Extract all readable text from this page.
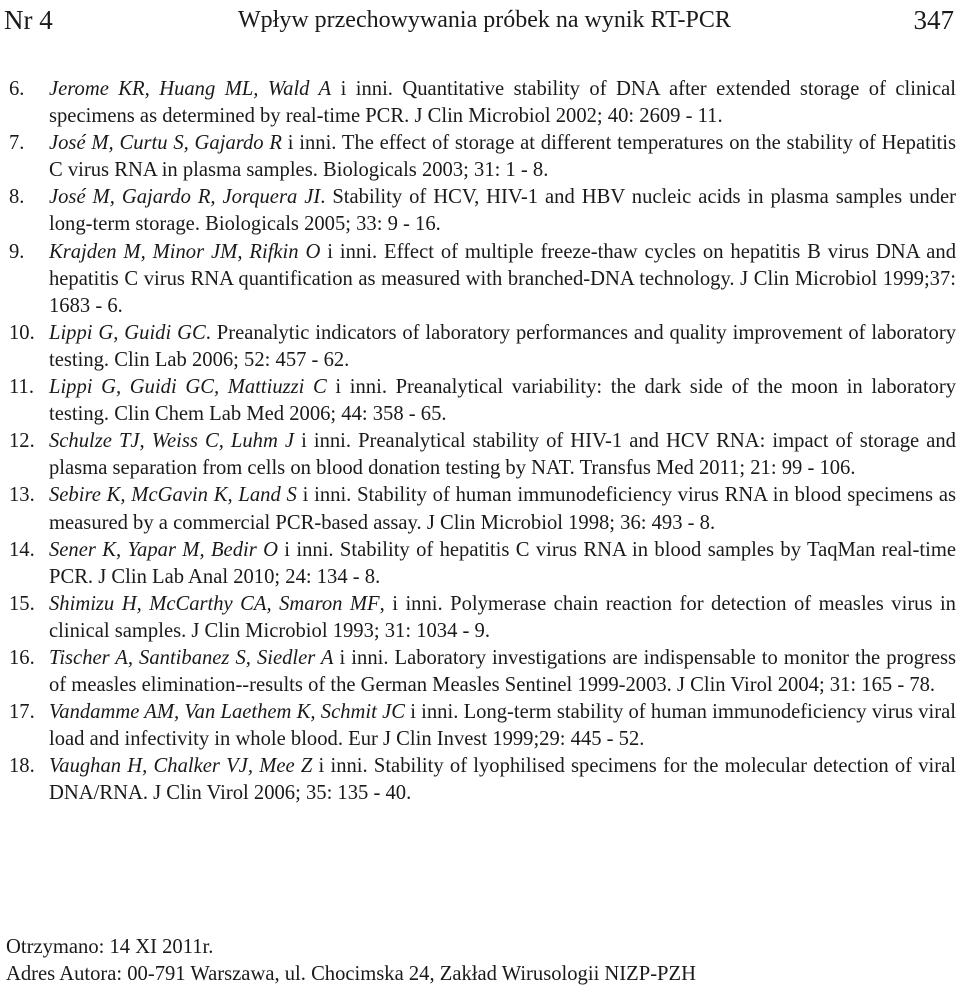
Nr 4	Wpływ przechowywania próbek na wynik RT-PCR	347
6. Jerome KR, Huang ML, Wald A i inni. Quantitative stability of DNA after extended storage of clinical specimens as determined by real-time PCR. J Clin Microbiol 2002; 40: 2609 - 11.
7. José M, Curtu S, Gajardo R i inni. The effect of storage at different temperatures on the stability of Hepatitis C virus RNA in plasma samples. Biologicals 2003; 31: 1 - 8.
8. José M, Gajardo R, Jorquera JI. Stability of HCV, HIV-1 and HBV nucleic acids in plasma samples under long-term storage. Biologicals 2005; 33: 9 - 16.
9. Krajden M, Minor JM, Rifkin O i inni. Effect of multiple freeze-thaw cycles on hepatitis B virus DNA and hepatitis C virus RNA quantification as measured with branched-DNA technology. J Clin Microbiol 1999;37: 1683 - 6.
10. Lippi G, Guidi GC. Preanalytic indicators of laboratory performances and quality improvement of laboratory testing. Clin Lab 2006; 52: 457 - 62.
11. Lippi G, Guidi GC, Mattiuzzi C i inni. Preanalytical variability: the dark side of the moon in laboratory testing. Clin Chem Lab Med 2006; 44: 358 - 65.
12. Schulze TJ, Weiss C, Luhm J i inni. Preanalytical stability of HIV-1 and HCV RNA: impact of storage and plasma separation from cells on blood donation testing by NAT. Transfus Med 2011; 21: 99 - 106.
13. Sebire K, McGavin K, Land S i inni. Stability of human immunodeficiency virus RNA in blood specimens as measured by a commercial PCR-based assay. J Clin Microbiol 1998; 36: 493 - 8.
14. Sener K, Yapar M, Bedir O i inni. Stability of hepatitis C virus RNA in blood samples by TaqMan real-time PCR. J Clin Lab Anal 2010; 24: 134 - 8.
15. Shimizu H, McCarthy CA, Smaron MF, i inni. Polymerase chain reaction for detection of measles virus in clinical samples. J Clin Microbiol 1993; 31: 1034 - 9.
16. Tischer A, Santibanez S, Siedler A i inni. Laboratory investigations are indispensable to monitor the progress of measles elimination--results of the German Measles Sentinel 1999-2003. J Clin Virol 2004; 31: 165 - 78.
17. Vandamme AM, Van Laethem K, Schmit JC i inni. Long-term stability of human immunodeficiency virus viral load and infectivity in whole blood. Eur J Clin Invest 1999;29: 445 - 52.
18. Vaughan H, Chalker VJ, Mee Z i inni. Stability of lyophilised specimens for the molecular detection of viral DNA/RNA. J Clin Virol 2006; 35: 135 - 40.
Otrzymano: 14 XI 2011r.
Adres Autora: 00-791 Warszawa, ul. Chocimska 24, Zakład Wirusologii NIZP-PZH
